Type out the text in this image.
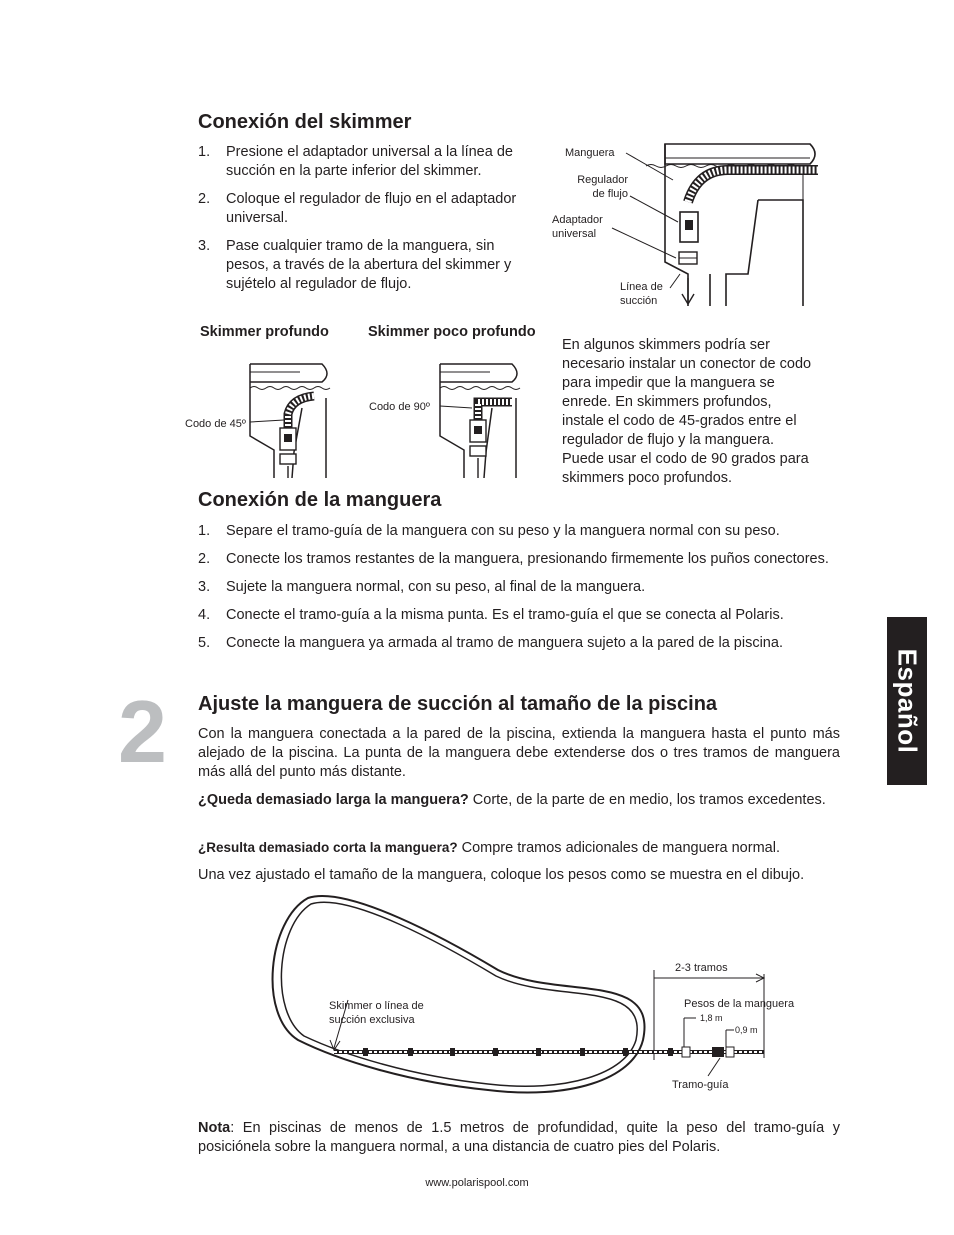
Conexión del skimmer
1. Presione el adaptador universal a la línea de succión en la parte inferior del skimmer.
2. Coloque el regulador de flujo en el adaptador universal.
3. Pase cualquier tramo de la manguera, sin pesos, a través de la abertura del skimmer y sujételo al regulador de flujo.
Manguera
Regulador de flujo
Adaptador universal
Línea de succión
Skimmer profundo	Skimmer poco profundo
Codo de 45º
Codo de 90º

En algunos skimmers podría ser necesario instalar un conector de codo para impedir que la manguera se enrede. En skimmers profundos, instale el codo de 45-grados entre el regulador de flujo y la manguera. Puede usar el codo de 90 grados para skimmers poco profundos.

Conexión de la manguera
1. Separe el tramo-guía de la manguera con su peso y la manguera normal con su peso.
2. Conecte los tramos restantes de la manguera, presionando firmemente los puños conectores.
3. Sujete la manguera normal, con su peso, al final de la manguera.
4. Conecte el tramo-guía a la misma punta. Es el tramo-guía el que se conecta al Polaris.
5. Conecte la manguera ya armada al tramo de manguera sujeto a la pared de la piscina.
2 Ajuste la manguera de succión al tamaño de la piscina

Con la manguera conectada a la pared de la piscina, extienda la manguera hasta el punto más alejado de la piscina. La punta de la manguera debe extenderse dos o tres tramos de manguera más allá del punto más distante.

¿Queda demasiado larga la manguera? Corte, de la parte de en medio, los tramos excedentes.

¿Resulta demasiado corta la manguera? Compre tramos adicionales de manguera normal.

Una vez ajustado el tamaño de la manguera, coloque los pesos como se muestra en el dibujo.

2-3 tramos
Pesos de la manguera
1,8 m
0,9 m
Skimmer o línea de succión exclusiva
Tramo-guía

Nota: En piscinas de menos de 1.5 metros de profundidad, quite la peso del tramo-guía y posiciónela sobre la manguera normal, a una distancia de cuatro pies del Polaris.

www.polarispool.com
Español
